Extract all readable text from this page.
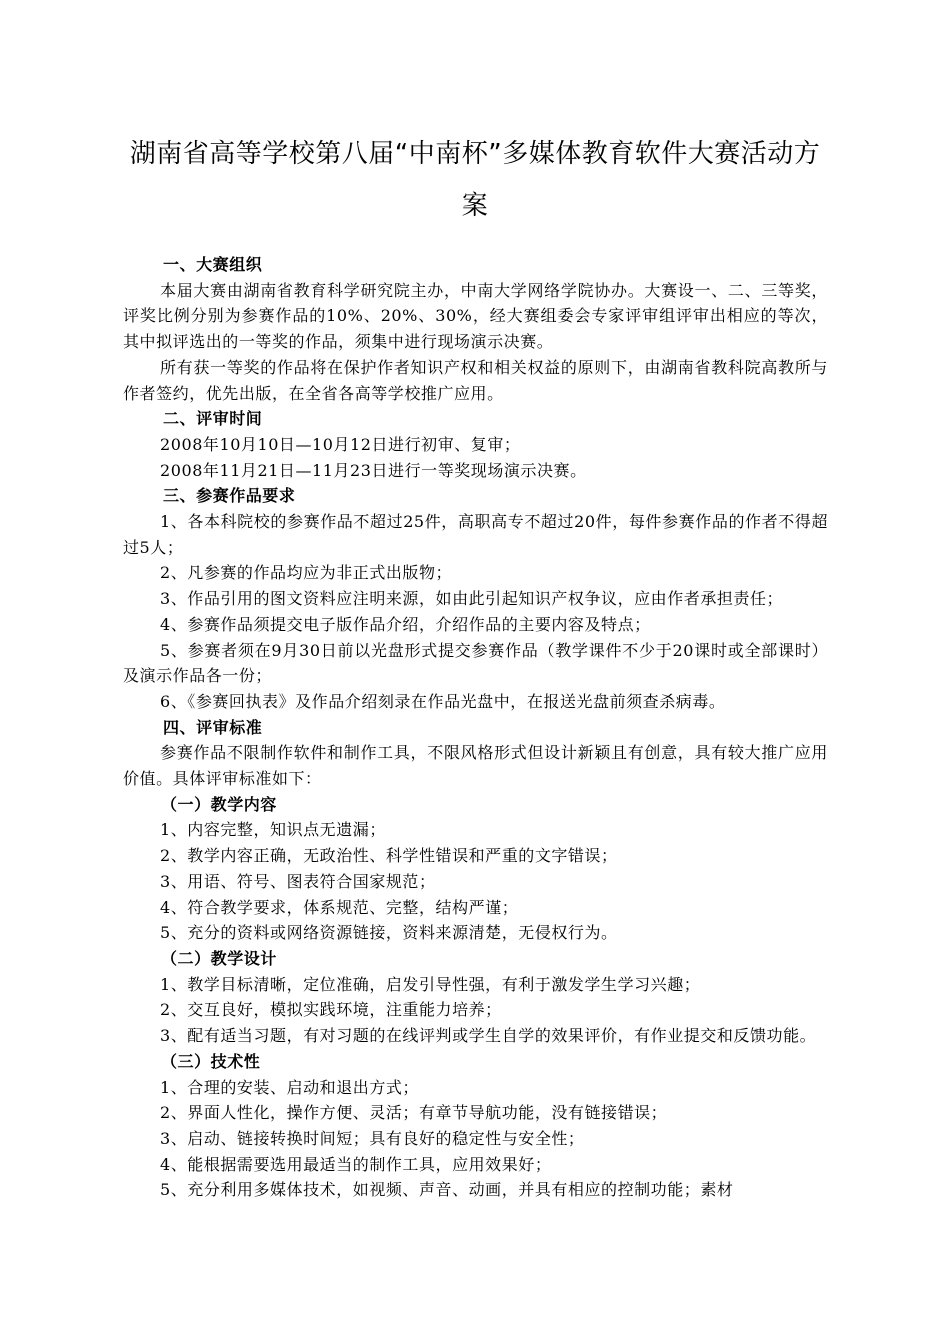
湖南省高等学校第八届“中南杯”多媒体教育软件大赛活动方案
一、大赛组织
本届大赛由湖南省教育科学研究院主办，中南大学网络学院协办。大赛设一、二、三等奖，评奖比例分别为参赛作品的10%、20%、30%，经大赛组委会专家评审组评审出相应的等次，其中拟评选出的一等奖的作品，须集中进行现场演示决赛。
所有获一等奖的作品将在保护作者知识产权和相关权益的原则下，由湖南省教科院高教所与作者签约，优先出版，在全省各高等学校推广应用。
二、评审时间
2008年10月10日—10月12日进行初审、复审；
2008年11月21日—11月23日进行一等奖现场演示决赛。
三、参赛作品要求
1、各本科院校的参赛作品不超过25件，高职高专不超过20件，每件参赛作品的作者不得超过5人；
2、凡参赛的作品均应为非正式出版物；
3、作品引用的图文资料应注明来源，如由此引起知识产权争议，应由作者承担责任；
4、参赛作品须提交电子版作品介绍，介绍作品的主要内容及特点；
5、参赛者须在9月30日前以光盘形式提交参赛作品（教学课件不少于20课时或全部课时）及演示作品各一份；
6、《参赛回执表》及作品介绍刻录在作品光盘中，在报送光盘前须查杀病毒。
四、评审标准
参赛作品不限制作软件和制作工具，不限风格形式但设计新颖且有创意，具有较大推广应用价值。具体评审标准如下：
（一）教学内容
1、内容完整，知识点无遗漏；
2、教学内容正确，无政治性、科学性错误和严重的文字错误；
3、用语、符号、图表符合国家规范；
4、符合教学要求，体系规范、完整，结构严谨；
5、充分的资料或网络资源链接，资料来源清楚，无侵权行为。
（二）教学设计
1、教学目标清晰，定位准确，启发引导性强，有利于激发学生学习兴趣；
2、交互良好，模拟实践环境，注重能力培养；
3、配有适当习题，有对习题的在线评判或学生自学的效果评价，有作业提交和反馈功能。
（三）技术性
1、合理的安装、启动和退出方式；
2、界面人性化，操作方便、灵活；有章节导航功能，没有链接错误；
3、启动、链接转换时间短；具有良好的稳定性与安全性；
4、能根据需要选用最适当的制作工具，应用效果好；
5、充分利用多媒体技术，如视频、声音、动画，并具有相应的控制功能；素材
